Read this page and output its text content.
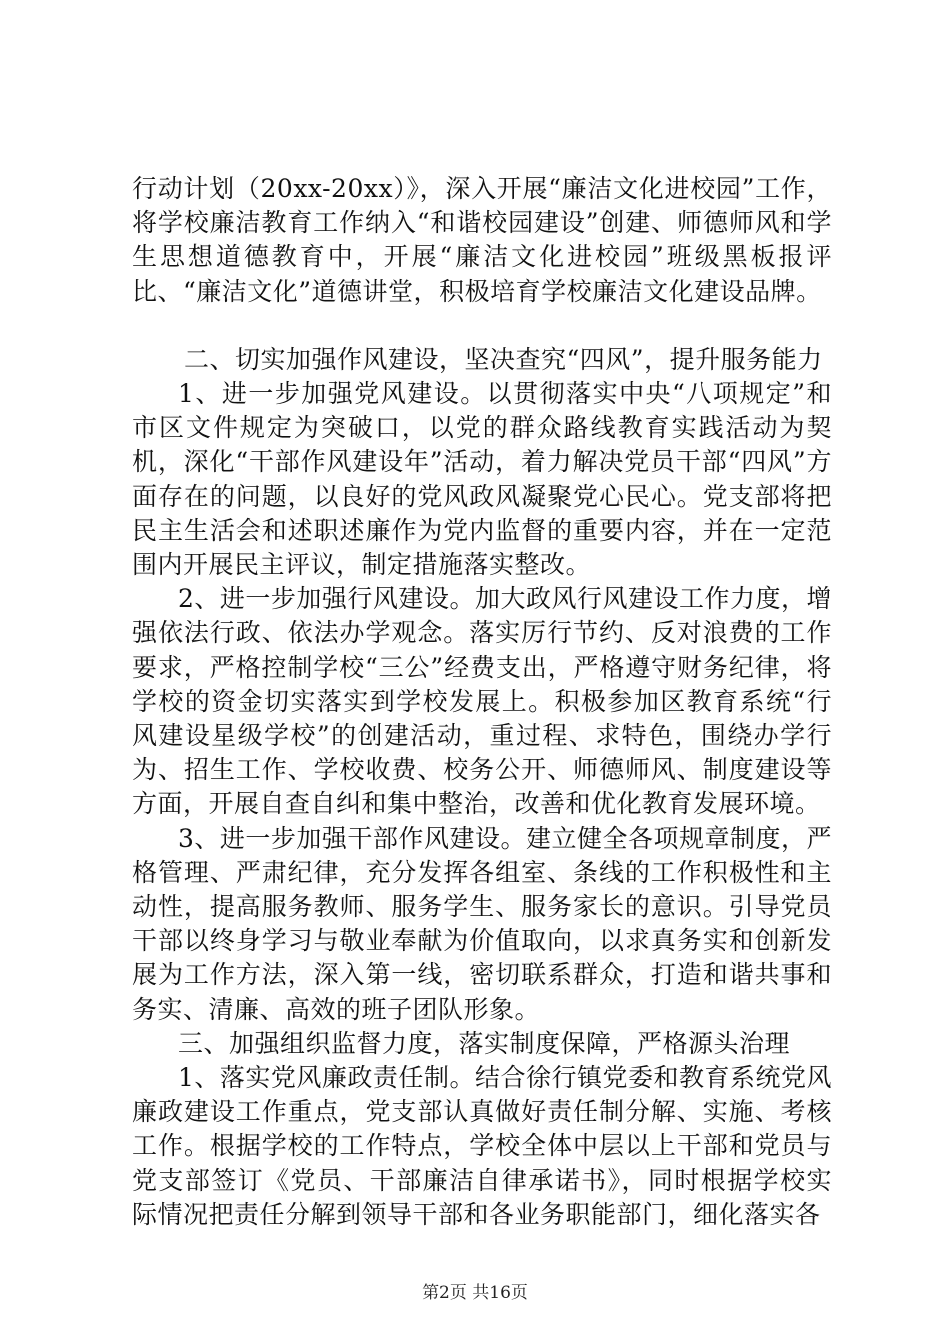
行动计划（20xx-20xx）》，深入开展“廉洁文化进校园”工作，将学校廉洁教育工作纳入“和谐校园建设”创建、师德师风和学生思想道德教育中，开展“廉洁文化进校园”班级黑板报评比、“廉洁文化”道德讲堂，积极培育学校廉洁文化建设品牌。

二、切实加强作风建设，坚决查究“四风”，提升服务能力

1、进一步加强党风建设。以贯彻落实中央“八项规定”和市区文件规定为突破口，以党的群众路线教育实践活动为契机，深化“干部作风建设年”活动，着力解决党员干部“四风”方面存在的问题，以良好的党风政风凝聚党心民心。党支部将把民主生活会和述职述廉作为党内监督的重要内容，并在一定范围内开展民主评议，制定措施落实整改。

2、进一步加强行风建设。加大政风行风建设工作力度，增强依法行政、依法办学观念。落实厉行节约、反对浪费的工作要求，严格控制学校“三公”经费支出，严格遵守财务纪律，将学校的资金切实落实到学校发展上。积极参加区教育系统“行风建设星级学校”的创建活动，重过程、求特色，围绕办学行为、招生工作、学校收费、校务公开、师德师风、制度建设等方面，开展自查自纠和集中整治，改善和优化教育发展环境。

3、进一步加强干部作风建设。建立健全各项规章制度，严格管理、严肃纪律，充分发挥各组室、条线的工作积极性和主动性，提高服务教师、服务学生、服务家长的意识。引导党员干部以终身学习与敬业奉献为价值取向，以求真务实和创新发展为工作方法，深入第一线，密切联系群众，打造和谐共事和务实、清廉、高效的班子团队形象。

三、加强组织监督力度，落实制度保障，严格源头治理

1、落实党风廉政责任制。结合徐行镇党委和教育系统党风廉政建设工作重点，党支部认真做好责任制分解、实施、考核工作。根据学校的工作特点，学校全体中层以上干部和党员与党支部签订《党员、干部廉洁自律承诺书》，同时根据学校实际情况把责任分解到领导干部和各业务职能部门，细化落实各

第2页 共16页
